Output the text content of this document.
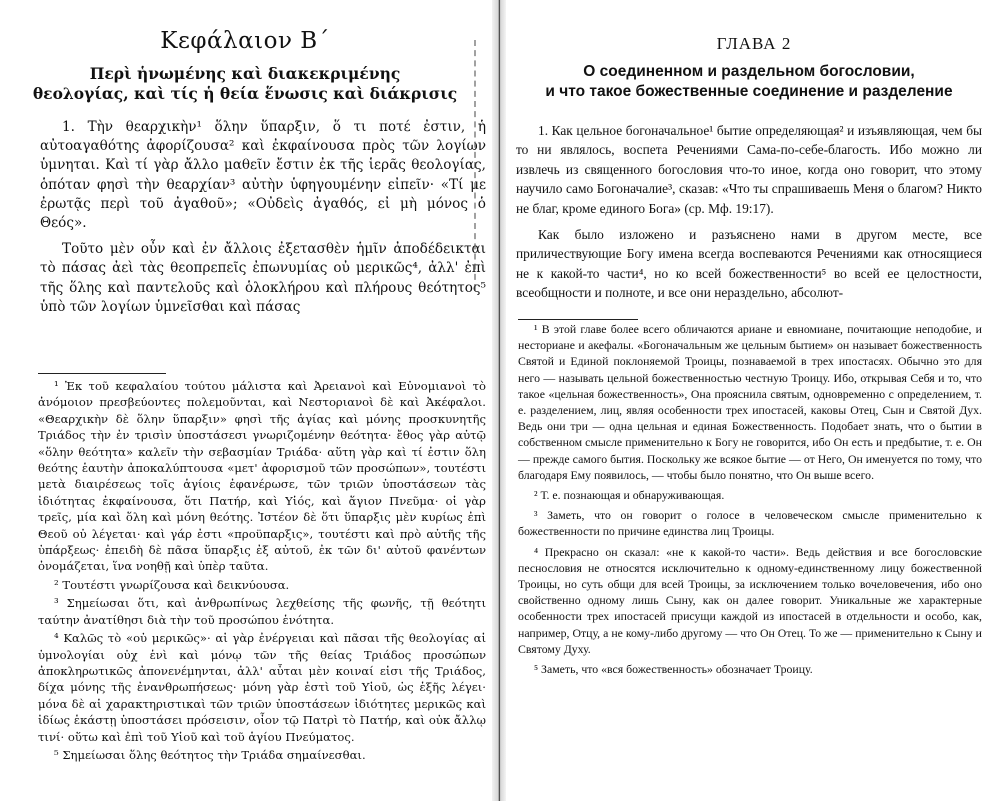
Κεφάλαιον Β΄
Περὶ ἡνωμένης καὶ διακεκριμένης
θεολογίας, καὶ τίς ἡ θεία ἕνωσις καὶ διάκρισις

1. Τὴν θεαρχικὴν¹ ὅλην ὕπαρξιν, ὅ τι ποτέ ἐστιν, ἡ αὐτοαγαθότης ἀφορίζουσα² καὶ ἐκφαίνουσα πρὸς τῶν λογίων ὑμνηται. Καὶ τί γὰρ ἄλλο μαθεῖν ἔστιν ἐκ τῆς ἱερᾶς θεολογίας, ὁπόταν φησὶ τὴν θεαρχίαν³ αὐτὴν ὑφηγουμένην εἰπεῖν· «Τί με ἐρωτᾷς περὶ τοῦ ἀγαθοῦ»; «Οὐδεὶς ἀγαθός, εἰ μὴ μόνος ὁ Θεός».

Τοῦτο μὲν οὖν καὶ ἐν ἄλλοις ἐξετασθὲν ἡμῖν ἀποδέδεικται τὸ πάσας ἀεὶ τὰς θεοπρεπεῖς ἐπωνυμίας οὐ μερικῶς⁴, ἀλλ' ἐπὶ τῆς ὅλης καὶ παντελοῦς καὶ ὁλοκλήρου καὶ πλήρους θεότητος⁵ ὑπὸ τῶν λογίων ὑμνεῖσθαι καὶ πάσας

¹ Ἐκ τοῦ κεφαλαίου τούτου μάλιστα καὶ Ἀρειανοὶ καὶ Εὐνομιανοὶ τὸ ἀνόμοιον πρεσβεύοντες πολεμοῦνται, καὶ Νεστοριανοὶ δὲ καὶ Ἀκέφαλοι. «Θεαρχικὴν δὲ ὅλην ὕπαρξιν» φησὶ τῆς ἁγίας καὶ μόνης προσκυνητῆς Τριάδος τὴν ἐν τρισὶν ὑποστάσεσι γνωριζομένην θεότητα· ἔθος γὰρ αὐτῷ «ὅλην θεότητα» καλεῖν τὴν σεβασμίαν Τριάδα· αὕτη γὰρ καὶ τί ἐστιν ὅλη θεότης ἑαυτὴν ἀποκαλύπτουσα «μετ' ἀφορισμοῦ τῶν προσώπων», τουτέστι μετὰ διαιρέσεως τοῖς ἁγίοις ἐφανέρωσε, τῶν τριῶν ὑποστάσεων τὰς ἰδιότητας ἐκφαίνουσα, ὅτι Πατήρ, καὶ Υἱός, καὶ ἅγιον Πνεῦμα· οἱ γὰρ τρεῖς, μία καὶ ὅλη καὶ μόνη θεότης. Ἰστέον δὲ ὅτι ὕπαρξις μὲν κυρίως ἐπὶ Θεοῦ οὐ λέγεται· καὶ γάρ ἐστι «προϋπαρξις», τουτέστι καὶ πρὸ αὐτῆς τῆς ὑπάρξεως· ἐπειδὴ δὲ πᾶσα ὕπαρξις ἐξ αὐτοῦ, ἐκ τῶν δι' αὐτοῦ φανέντων ὀνομάζεται, ἵνα νοηθῇ καὶ ὑπὲρ ταῦτα.

² Τουτέστι γνωρίζουσα καὶ δεικνύουσα.

³ Σημείωσαι ὅτι, καὶ ἀνθρωπίνως λεχθείσης τῆς φωνῆς, τῇ θεότητι ταύτην ἀνατίθησι διὰ τὴν τοῦ προσώπου ἑνότητα.

⁴ Καλῶς τὸ «οὐ μερικῶς»· αἱ γὰρ ἐνέργειαι καὶ πᾶσαι τῆς θεολογίας αἱ ὑμνολογίαι οὐχ ἑνὶ καὶ μόνῳ τῶν τῆς θείας Τριάδος προσώπων ἀποκληρωτικῶς ἀπονενέμηνται, ἀλλ' αὗται μὲν κοιναί εἰσι τῆς Τριάδος, δίχα μόνης τῆς ἐνανθρωπήσεως· μόνη γὰρ ἐστὶ τοῦ Υἱοῦ, ὡς ἑξῆς λέγει· μόνα δὲ αἱ χαρακτηριστικαὶ τῶν τριῶν ὑποστάσεων ἰδιότητες μερικῶς καὶ ἰδίως ἑκάστῃ ὑποστάσει πρόσεισιν, οἷον τῷ Πατρὶ τὸ Πατήρ, καὶ οὐκ ἄλλῳ τινί· οὕτω καὶ ἐπὶ τοῦ Υἱοῦ καὶ τοῦ ἁγίου Πνεύματος.

⁵ Σημείωσαι ὅλης θεότητος τὴν Τριάδα σημαίνεσθαι.

ГЛАВА 2
О соединенном и раздельном богословии,
и что такое божественные соединение и разделение

1. Как цельное богоначальное¹ бытие определяющая² и изъявляющая, чем бы то ни являлось, воспета Речениями Сама-по-себе-благость. Ибо можно ли извлечь из священного богословия что-то иное, когда оно говорит, что этому научило само Богоначалие³, сказав: «Что ты спрашиваешь Меня о благом? Никто не благ, кроме единого Бога» (ср. Мф. 19:17).

Как было изложено и разъяснено нами в другом месте, все приличествующие Богу имена всегда воспеваются Речениями как относящиеся не к какой-то части⁴, но ко всей божественности⁵ во всей ее целостности, всеобщности и полноте, и все они нераздельно, абсолют-

¹ В этой главе более всего обличаются ариане и евномиане, почитающие неподобие, и несториане и акефалы. «Богоначальным же цельным бытием» он называет божественность Святой и Единой поклоняемой Троицы, познаваемой в трех ипостасях. Обычно это для него — называть цельной божественностью честную Троицу. Ибо, открывая Себя и то, что такое «цельная божественность», Она прояснила святым, одновременно с определением, т. е. разделением, лиц, являя особенности трех ипостасей, каковы Отец, Сын и Святой Дух. Ведь они три — одна цельная и единая Божественность. Подобает знать, что о бытии в собственном смысле применительно к Богу не говорится, ибо Он есть и предбытие, т. е. Он — прежде самого бытия. Поскольку же всякое бытие — от Него, Он именуется по тому, что благодаря Ему появилось, — чтобы было понятно, что Он выше всего.

² Т. е. познающая и обнаруживающая.

³ Заметь, что он говорит о голосе в человеческом смысле применительно к божественности по причине единства лиц Троицы.

⁴ Прекрасно он сказал: «не к какой-то части». Ведь действия и все богословские песнословия не относятся исключительно к одному-единственному лицу божественной Троицы, но суть общи для всей Троицы, за исключением только вочеловечения, ибо оно свойственно одному лишь Сыну, как он далее говорит. Уникальные же характерные особенности трех ипостасей присущи каждой из ипостасей в отдельности и особо, как, например, Отцу, а не кому-либо другому — что Он Отец. То же — применительно к Сыну и Святому Духу.

⁵ Заметь, что «вся божественность» обозначает Троицу.
